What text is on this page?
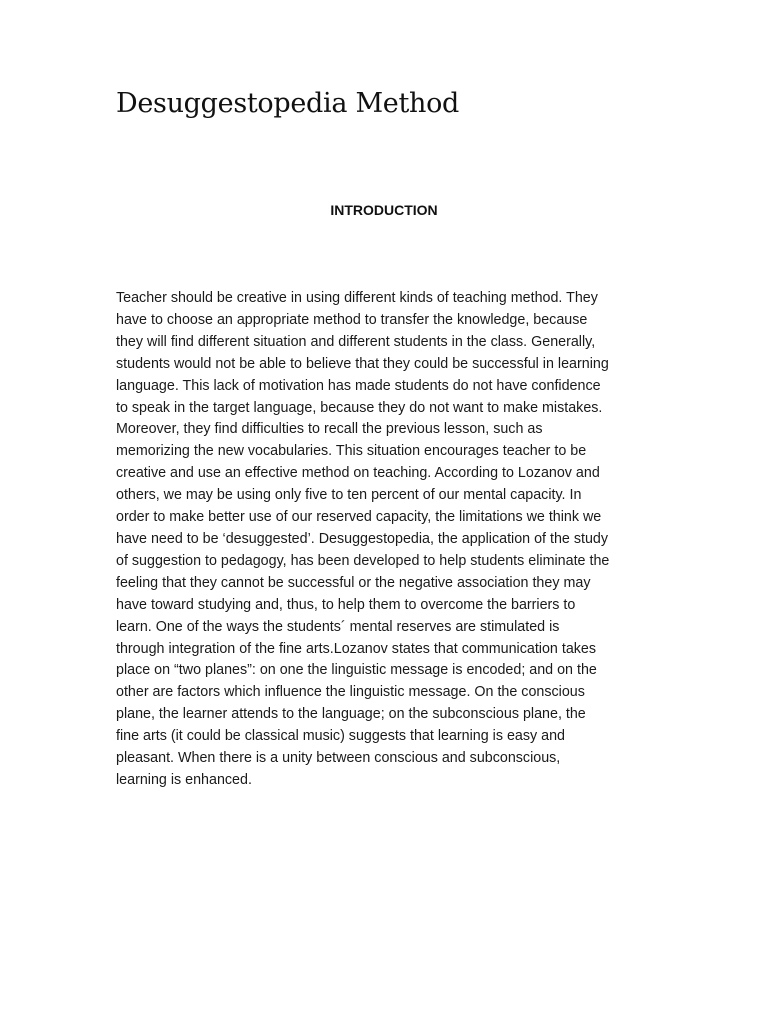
Desuggestopedia Method
INTRODUCTION

Teacher should be creative in using different kinds of teaching method. They
have to choose an appropriate method to transfer the knowledge, because
they will find different situation and different students in the class. Generally,
students would not be able to believe that they could be successful in learning
language. This lack of motivation has made students do not have confidence
to speak in the target language, because they do not want to make mistakes.
Moreover, they find difficulties to recall the previous lesson, such as
memorizing the new vocabularies. This situation encourages teacher to be
creative and use an effective method on teaching. According to Lozanov and
others, we may be using only five to ten percent of our mental capacity. In
order to make better use of our reserved capacity, the limitations we think we
have need to be ‘desuggested’. Desuggestopedia, the application of the study
of suggestion to pedagogy, has been developed to help students eliminate the
feeling that they cannot be successful or the negative association they may
have toward studying and, thus, to help them to overcome the barriers to
learn. One of the ways the students´ mental reserves are stimulated is
through integration of the fine arts.Lozanov states that communication takes
place on “two planes”: on one the linguistic message is encoded; and on the
other are factors which influence the linguistic message. On the conscious
plane, the learner attends to the language; on the subconscious plane, the
fine arts (it could be classical music) suggests that learning is easy and
pleasant. When there is a unity between conscious and subconscious,
learning is enhanced.
